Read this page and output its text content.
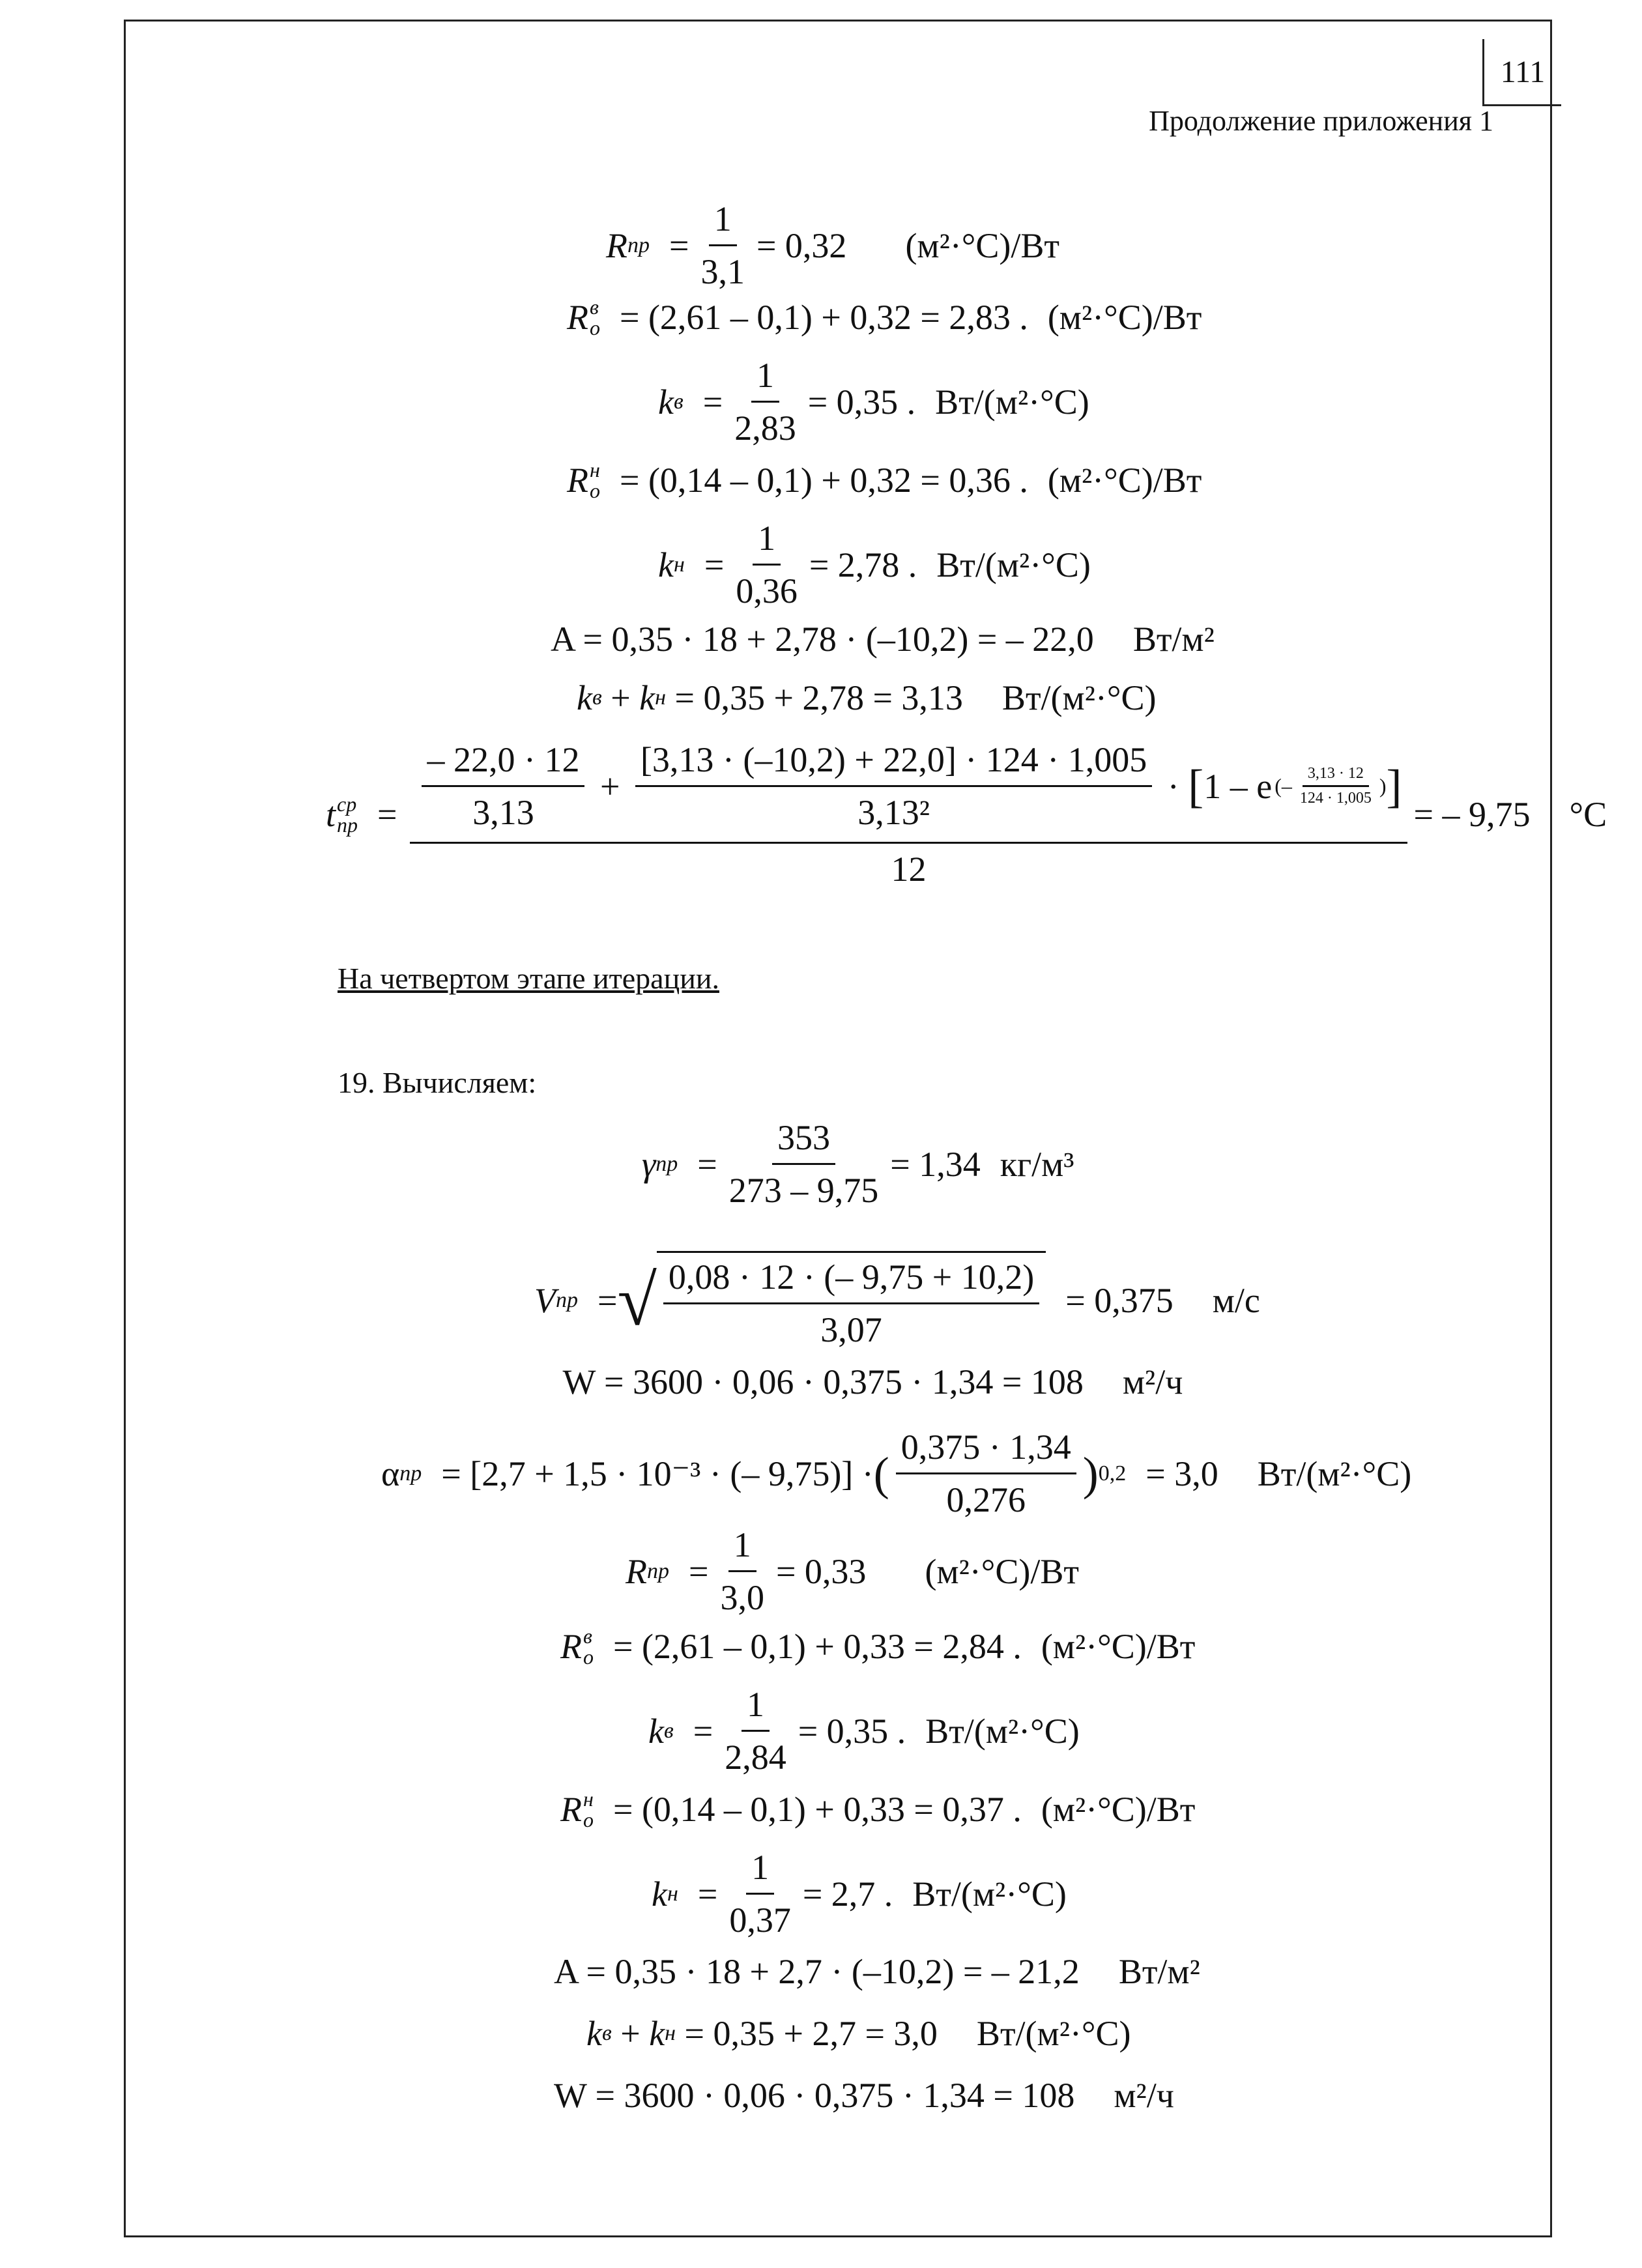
111
Продолжение приложения 1
R пр = $\frac{1}{3,1} = 0,32$ (м²·°C)/Вт
R в
о = (2,61 – 0,1) + 0,32 = 2,83 . (м²·°C)/Вт
k $в = \frac{1}{2,83} = 0,35$ . Вт/(м²·°C)
R н
о = (0,14 – 0,1) + 0,32 = 0,36 . (м²·°C)/Вт
k $н = \frac{1}{0,36} = 2,78$ . Вт/(м²·°C)
A = 0,35 · 18 + 2,78 · (–10,2) = – 22,0 Вт/м²
k в + k н = 0,35 + 2,78 = 3,13 Вт/(м²·°C)
t ср
пр = $\frac{- 22,0 \cdot 12}{3,13} + \frac{[3,13 \cdot (-10,2) + 22,0] \cdot 124 \cdot 1,005}{\text{3,13²}}$ · [ 1 – e (– $\frac{3,13 \cdot 12}{124 \cdot 1,005}$ ) ]
12
= – 9,75 °C
На четвертом этапе итерации.
19. Вычисляем:
γ пр = $\frac{353}{273 - 9,75} = 1,34$ кг/м³
V пр = √ $\frac{0,08 \cdot 12 \cdot (- 9,75 + 10,2)}{3,07} = 0,375$ м/с

W = 3600 · 0,06 · 0,375 · 1,34 = 108 м²/ч
α пр = [2,7 + 1,5 · 10⁻³ · (– 9,75)] · ( $\frac{0,375 \cdot 1,34}{0,276}$ ) 0,2 = 3,0 Вт/(м²·°C)
R пр = $\frac{1}{3,0} = 0,33$ (м²·°C)/Вт
R в
о = (2,61 – 0,1) + 0,33 = 2,84 . (м²·°C)/Вт
k $в = \frac{1}{2,84} = 0,35$ . Вт/(м²·°C)
R н
о = (0,14 – 0,1) + 0,33 = 0,37 . (м²·°C)/Вт
k $н = \frac{1}{0,37} = 2,7$ . Вт/(м²·°C)
A = 0,35 · 18 + 2,7 · (–10,2) = – 21,2 Вт/м²
k в + k н = 0,35 + 2,7 = 3,0 Вт/(м²·°C)
W = 3600 · 0,06 · 0,375 · 1,34 = 108 м²/ч
